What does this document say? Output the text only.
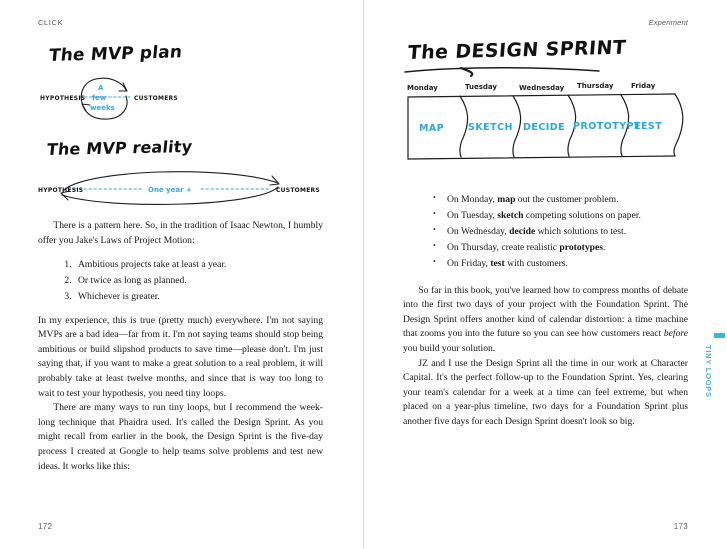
CLICK
The MVP plan
HYPOTHESIS	CUSTOMERS
A
few
weeks
The MVP reality
HYPOTHESIS	CUSTOMERS
One year +

There is a pattern here. So, in the tradition of Isaac Newton, I humbly offer you Jake's Laws of Project Motion:

1. Ambitious projects take at least a year.
2. Or twice as long as planned.
3. Whichever is greater.

In my experience, this is true (pretty much) everywhere. I'm not saying MVPs are a bad idea—far from it. I'm not saying teams should stop being ambitious or build slipshod products to save time—please don't. I'm just saying that, if you want to make a great solution to a real problem, it will probably take at least twelve months, and since that is way too long to wait to test your hypothesis, you need tiny loops.

There are many ways to run tiny loops, but I recommend the week-long technique that Phaidra used. It's called the Design Sprint. As you might recall from earlier in the book, the Design Sprint is the five-day process I created at Google to help teams solve problems and test new ideas. It works like this:

172
Experiment
The DESIGN SPRINT
Monday	Tuesday	Wednesday Thursday	Friday
MAP	SKETCH DECIDE PROTOTYPE
TEST
• On Monday, map out the customer problem.
• On Tuesday, sketch competing solutions on paper.
• On Wednesday, decide which solutions to test.
• On Thursday, create realistic prototypes.
• On Friday, test with customers.

So far in this book, you've learned how to compress months of debate into the first two days of your project with the Foundation Sprint. The Design Sprint offers another kind of calendar distortion: a time machine that zooms you into the future so you can see how customers react before you build your solution.

JZ and I use the Design Sprint all the time in our work at Character Capital. It's the perfect follow-up to the Foundation Sprint. Yes, clearing your team's calendar for a week at a time can feel extreme, but when placed on a year-plus timeline, two days for a Foundation Sprint plus another five days for each Design Sprint doesn't look so big.

173
TINY LOOPS
